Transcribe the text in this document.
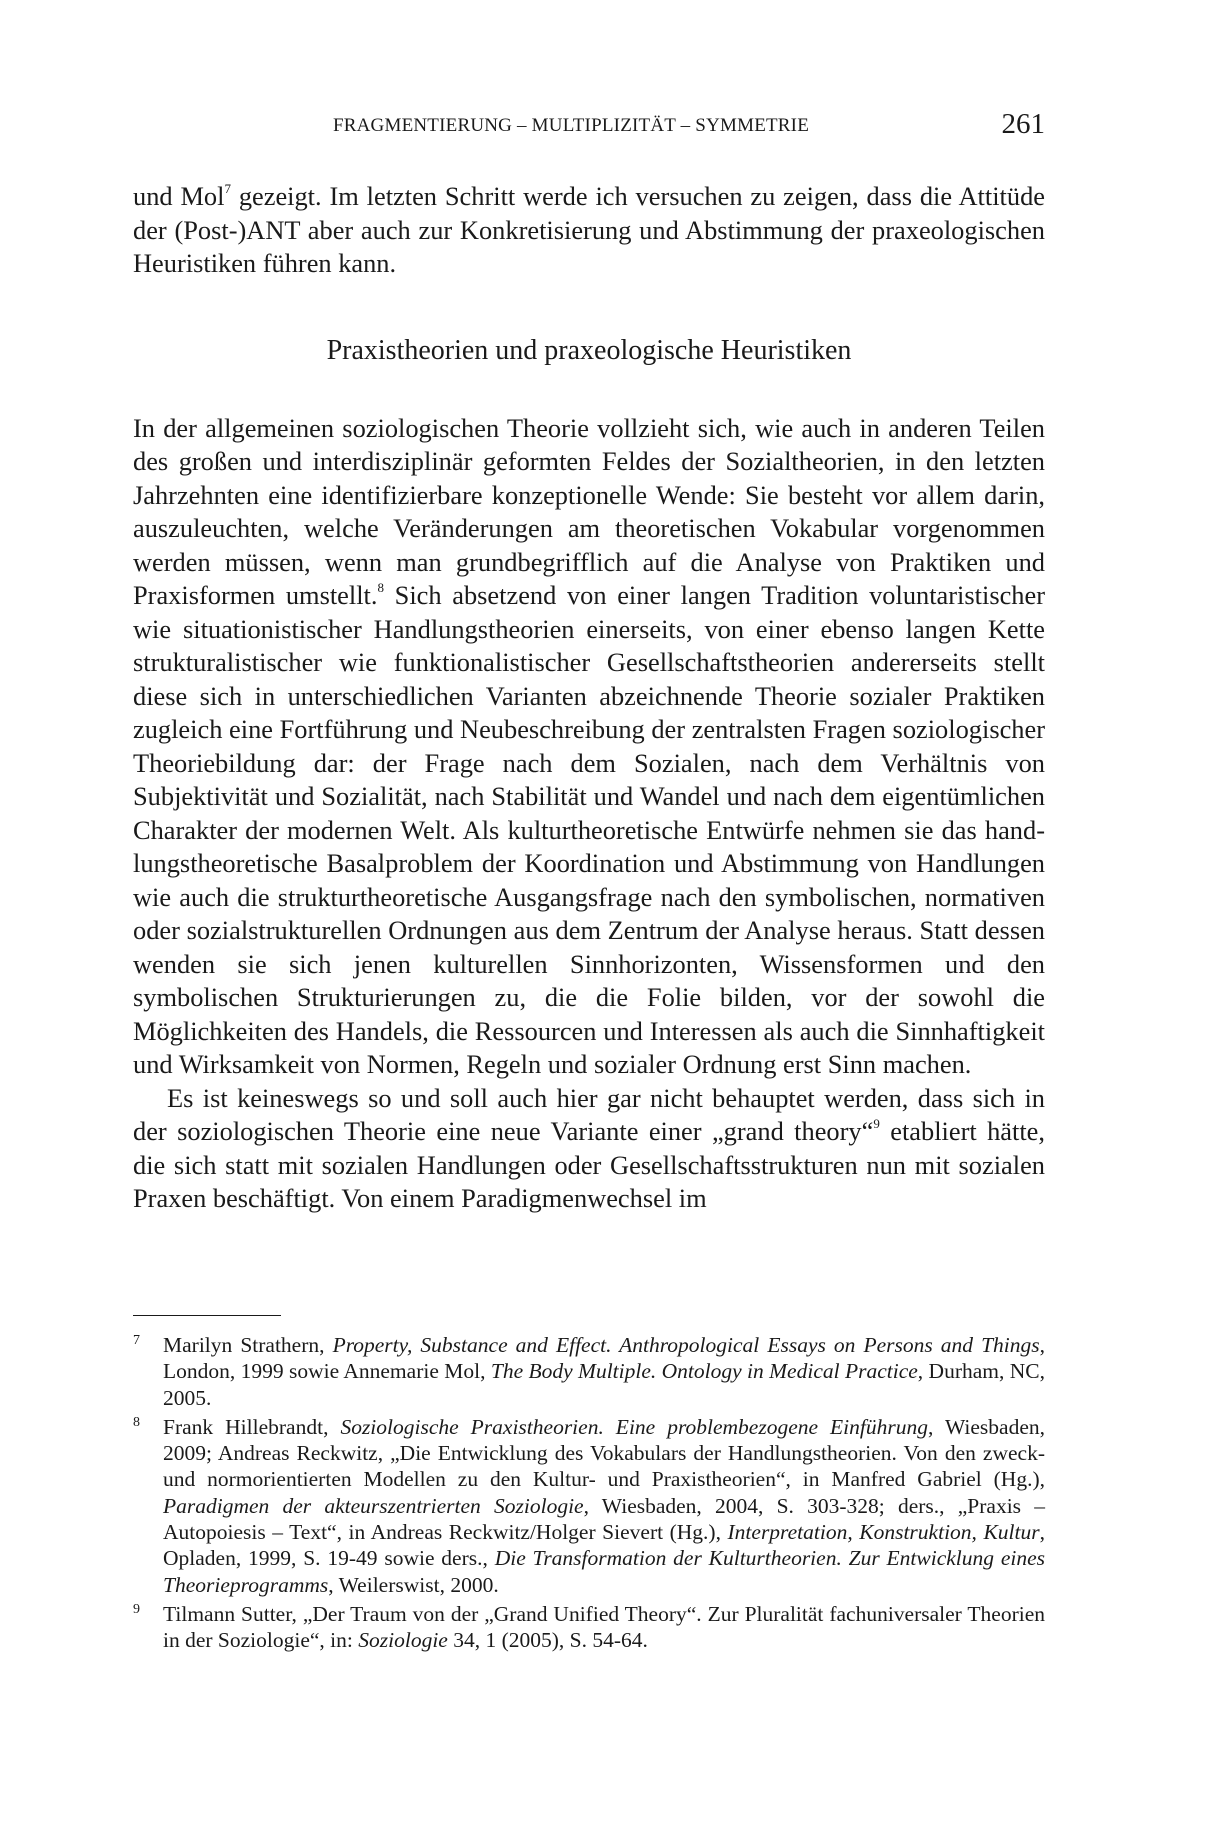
FRAGMENTIERUNG – MULTIPLIZITÄT – SYMMETRIE	261

und Mol$^7$ gezeigt. Im letzten Schritt werde ich versuchen zu zeigen, dass die Attitüde der (Post-)ANT aber auch zur Konkretisierung und Abstimmung der praxeologischen Heuristiken führen kann.

Praxistheorien und praxeologische Heuristiken

In der allgemeinen soziologischen Theorie vollzieht sich, wie auch in anderen Teilen des großen und interdisziplinär geformten Feldes der Sozialtheorien, in den letzten Jahrzehnten eine identifizierbare konzeptionelle Wende: Sie besteht vor allem darin, auszuleuchten, welche Veränderungen am theoretischen Vokabular vorgenommen werden müssen, wenn man grundbegrifflich auf die Analyse von Praktiken und Praxisformen umstellt.$^8$ Sich absetzend von einer langen Tradition voluntaristischer wie situationistischer Handlungstheorien einerseits, von einer ebenso langen Kette strukturalistischer wie funktionalistischer Gesellschaftstheorien andererseits stellt diese sich in unterschiedlichen Varianten abzeichnende Theorie sozialer Praktiken zugleich eine Fortführung und Neubeschreibung der zentralsten Fragen soziologischer Theoriebildung dar: der Frage nach dem Sozialen, nach dem Verhältnis von Subjektivität und Sozialität, nach Stabilität und Wandel und nach dem eigentümlichen Charakter der modernen Welt. Als kulturtheoretische Entwürfe nehmen sie das handlungstheoretische Basalproblem der Koordination und Abstimmung von Handlungen wie auch die strukturtheoretische Ausgangsfrage nach den symbolischen, normativen oder sozialstrukturellen Ordnungen aus dem Zentrum der Analyse heraus. Statt dessen wenden sie sich jenen kulturellen Sinnhorizonten, Wissensformen und den symbolischen Strukturierungen zu, die die Folie bilden, vor der sowohl die Möglichkeiten des Handels, die Ressourcen und Interessen als auch die Sinnhaftigkeit und Wirksamkeit von Normen, Regeln und sozialer Ordnung erst Sinn machen.

Es ist keineswegs so und soll auch hier gar nicht behauptet werden, dass sich in der soziologischen Theorie eine neue Variante einer „grand theory“$^9$ etabliert hätte, die sich statt mit sozialen Handlungen oder Gesellschaftsstrukturen nun mit sozialen Praxen beschäftigt. Von einem Paradigmenwechsel im

7 Marilyn Strathern, Property, Substance and Effect. Anthropological Essays on Persons and Things, London, 1999 sowie Annemarie Mol, The Body Multiple. Ontology in Medical Practice, Durham, NC, 2005.
8 Frank Hillebrandt, Soziologische Praxistheorien. Eine problembezogene Einführung, Wiesbaden, 2009; Andreas Reckwitz, „Die Entwicklung des Vokabulars der Handlungstheorien. Von den zweck- und normorientierten Modellen zu den Kultur- und Praxistheorien“, in Manfred Gabriel (Hg.), Paradigmen der akteurszentrierten Soziologie, Wiesbaden, 2004, S. 303-328; ders., „Praxis – Autopoiesis – Text“, in Andreas Reckwitz/Holger Sievert (Hg.), Interpretation, Konstruktion, Kultur, Opladen, 1999, S. 19-49 sowie ders., Die Transformation der Kulturtheorien. Zur Entwicklung eines Theorieprogramms, Weilerswist, 2000.
9 Tilmann Sutter, „Der Traum von der „Grand Unified Theory“. Zur Pluralität fachuniversaler Theorien in der Soziologie“, in: Soziologie 34, 1 (2005), S. 54-64.
